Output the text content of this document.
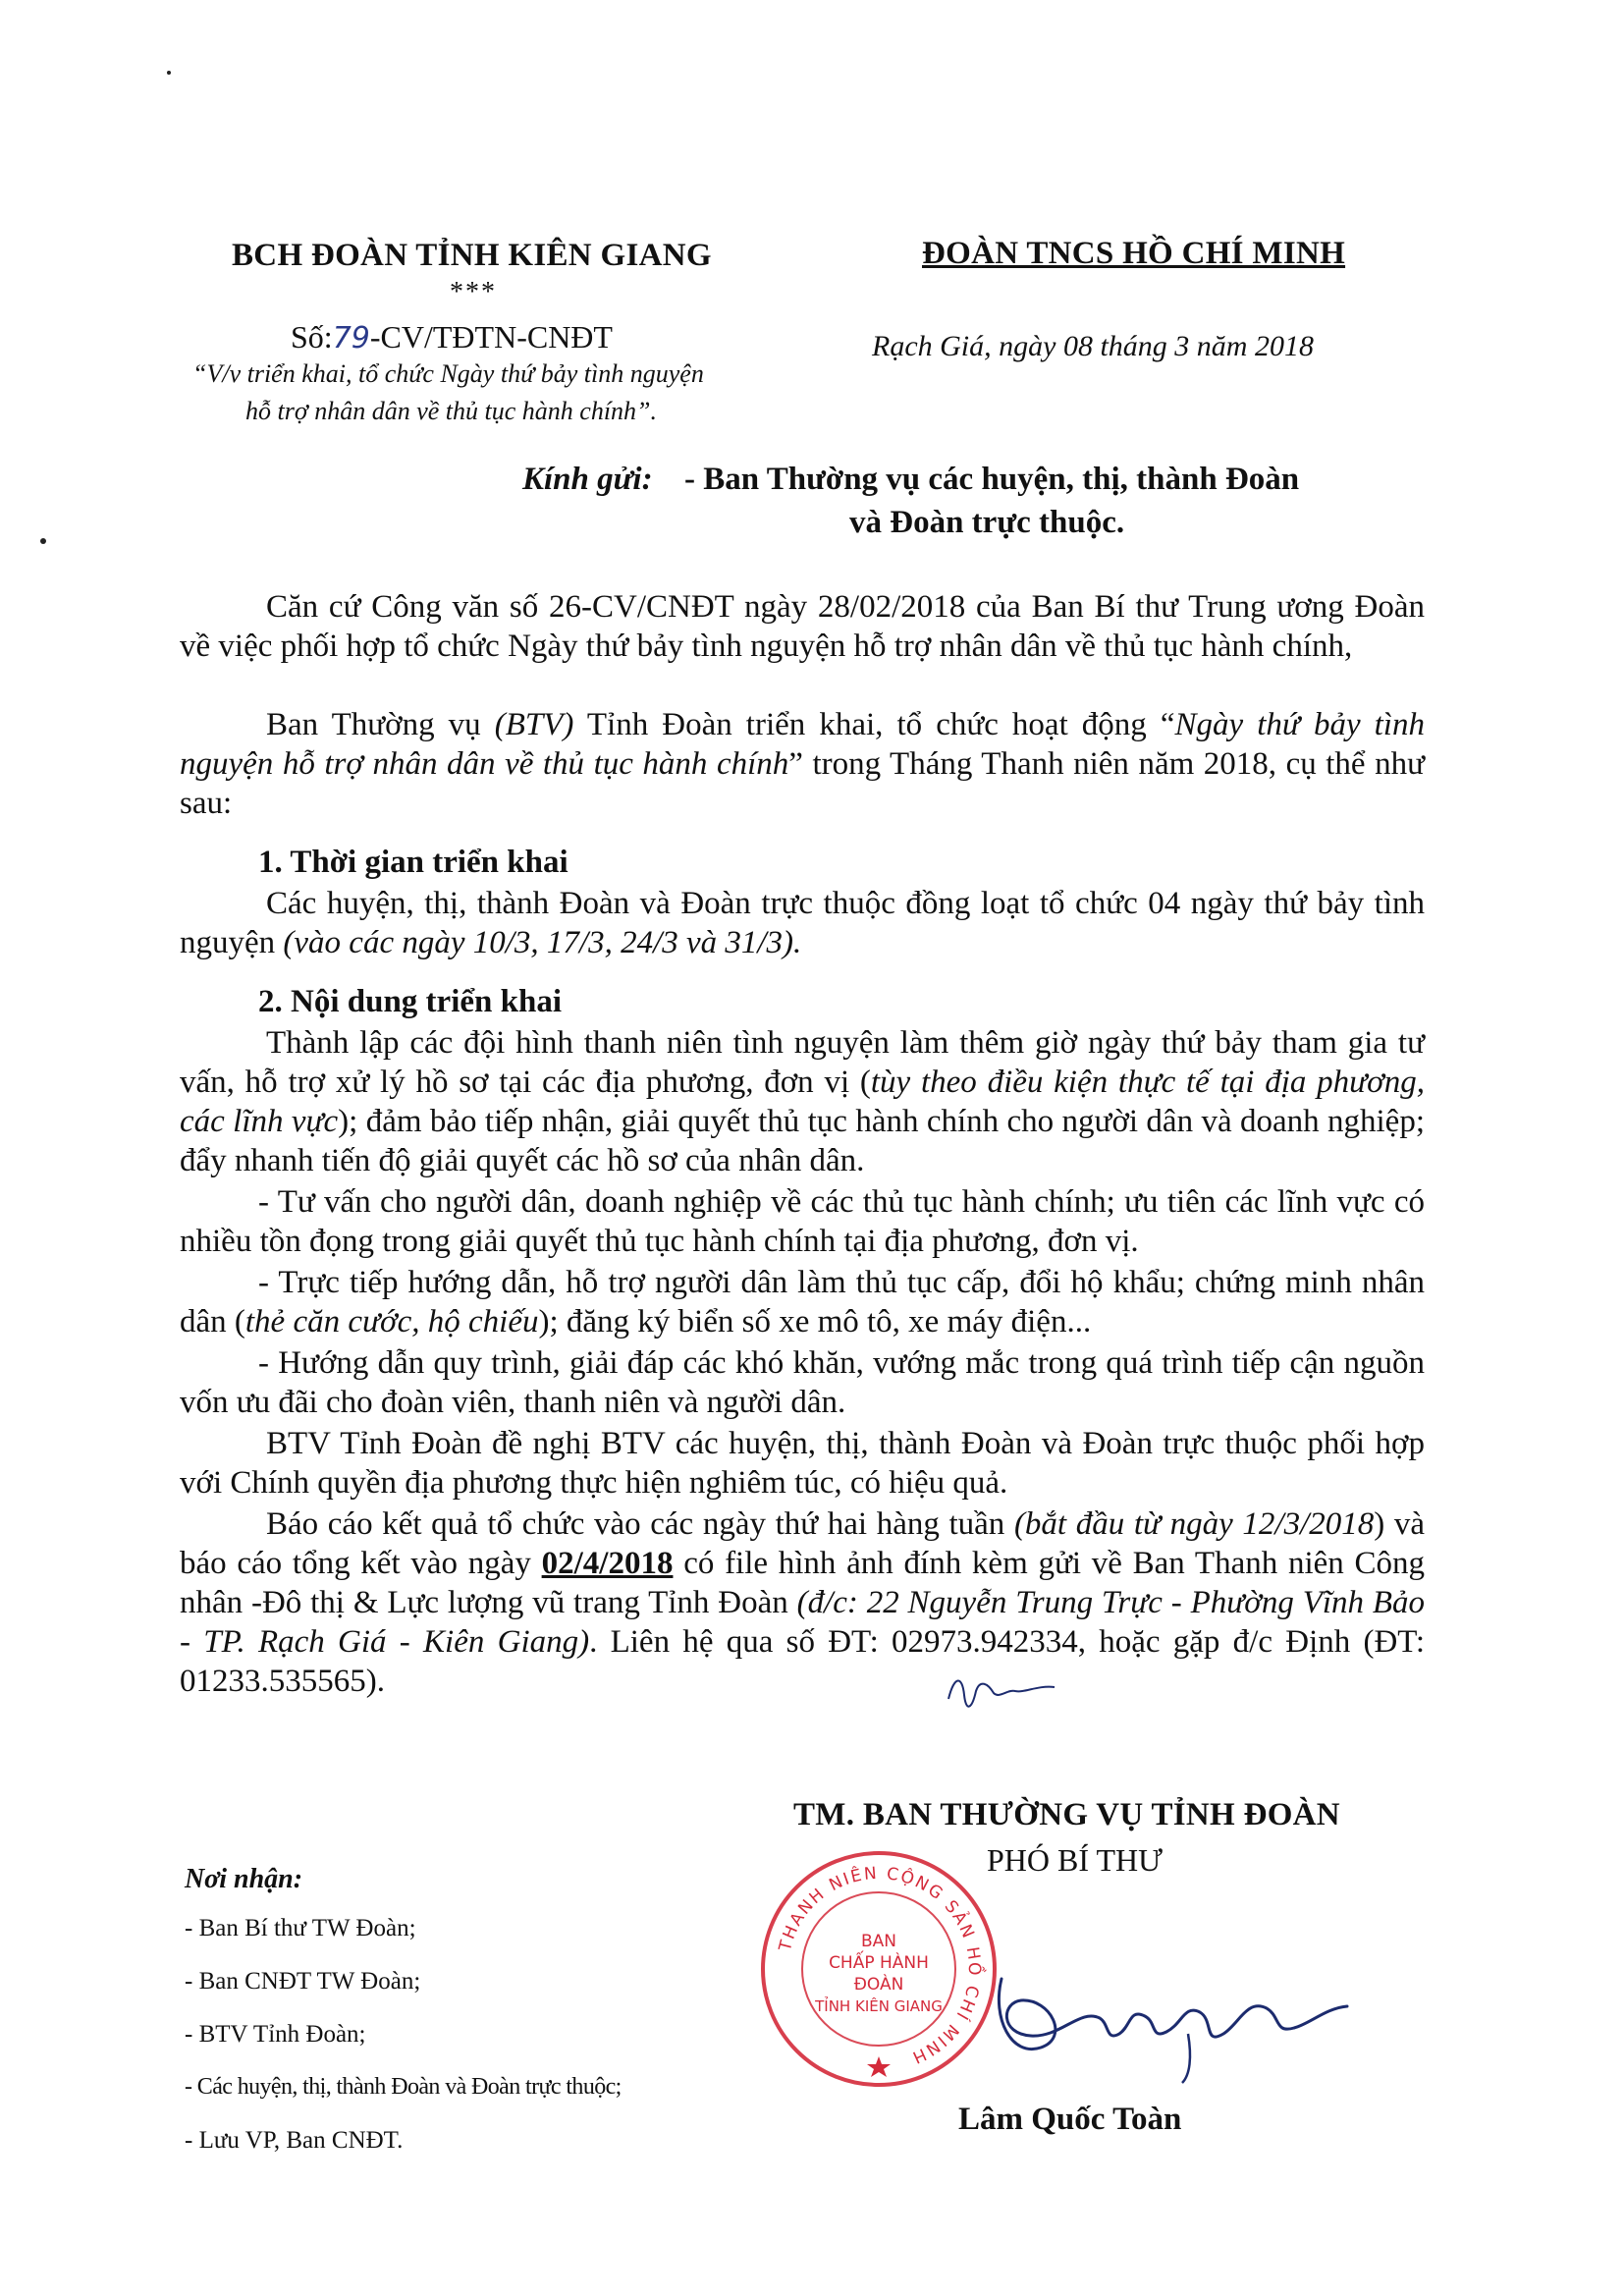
BCH ĐOÀN TỈNH KIÊN GIANG
***
Số:79-CV/TĐTN-CNĐT
“V/v triển khai, tổ chức Ngày thứ bảy tình nguyện
hỗ trợ nhân dân về thủ tục hành chính”.
ĐOÀN TNCS HỒ CHÍ MINH
Rạch Giá, ngày 08 tháng 3 năm 2018
Kính gửi: - Ban Thường vụ các huyện, thị, thành Đoàn
và Đoàn trực thuộc.
Căn cứ Công văn số 26-CV/CNĐT ngày 28/02/2018 của Ban Bí thư Trung ương Đoàn về việc phối hợp tổ chức Ngày thứ bảy tình nguyện hỗ trợ nhân dân về thủ tục hành chính,
Ban Thường vụ (BTV) Tỉnh Đoàn triển khai, tổ chức hoạt động “Ngày thứ bảy tình nguyện hỗ trợ nhân dân về thủ tục hành chính” trong Tháng Thanh niên năm 2018, cụ thể như sau:
1. Thời gian triển khai
Các huyện, thị, thành Đoàn và Đoàn trực thuộc đồng loạt tổ chức 04 ngày thứ bảy tình nguyện (vào các ngày 10/3, 17/3, 24/3 và 31/3).
2. Nội dung triển khai
Thành lập các đội hình thanh niên tình nguyện làm thêm giờ ngày thứ bảy tham gia tư vấn, hỗ trợ xử lý hồ sơ tại các địa phương, đơn vị (tùy theo điều kiện thực tế tại địa phương, các lĩnh vực); đảm bảo tiếp nhận, giải quyết thủ tục hành chính cho người dân và doanh nghiệp; đẩy nhanh tiến độ giải quyết các hồ sơ của nhân dân.
- Tư vấn cho người dân, doanh nghiệp về các thủ tục hành chính; ưu tiên các lĩnh vực có nhiều tồn đọng trong giải quyết thủ tục hành chính tại địa phương, đơn vị.
- Trực tiếp hướng dẫn, hỗ trợ người dân làm thủ tục cấp, đổi hộ khẩu; chứng minh nhân dân (thẻ căn cước, hộ chiếu); đăng ký biển số xe mô tô, xe máy điện...
- Hướng dẫn quy trình, giải đáp các khó khăn, vướng mắc trong quá trình tiếp cận nguồn vốn ưu đãi cho đoàn viên, thanh niên và người dân.
BTV Tỉnh Đoàn đề nghị BTV các huyện, thị, thành Đoàn và Đoàn trực thuộc phối hợp với Chính quyền địa phương thực hiện nghiêm túc, có hiệu quả.
Báo cáo kết quả tổ chức vào các ngày thứ hai hàng tuần (bắt đầu từ ngày 12/3/2018) và báo cáo tổng kết vào ngày 02/4/2018 có file hình ảnh đính kèm gửi về Ban Thanh niên Công nhân -Đô thị & Lực lượng vũ trang Tỉnh Đoàn (đ/c: 22 Nguyễn Trung Trực - Phường Vĩnh Bảo - TP. Rạch Giá - Kiên Giang). Liên hệ qua số ĐT: 02973.942334, hoặc gặp đ/c Định (ĐT: 01233.535565).
TM. BAN THƯỜNG VỤ TỈNH ĐOÀN
PHÓ BÍ THƯ
THANH NIÊN CỘNG SẢN HỒ CHÍ MINH
BAN
CHẤP HÀNH
ĐOÀN
TỈNH KIÊN GIANG
Lâm Quốc Toàn
Nơi nhận:
- Ban Bí thư TW Đoàn;
- Ban CNĐT TW Đoàn;
- BTV Tỉnh Đoàn;
- Các huyện, thị, thành Đoàn và Đoàn trực thuộc;
- Lưu VP, Ban CNĐT.
